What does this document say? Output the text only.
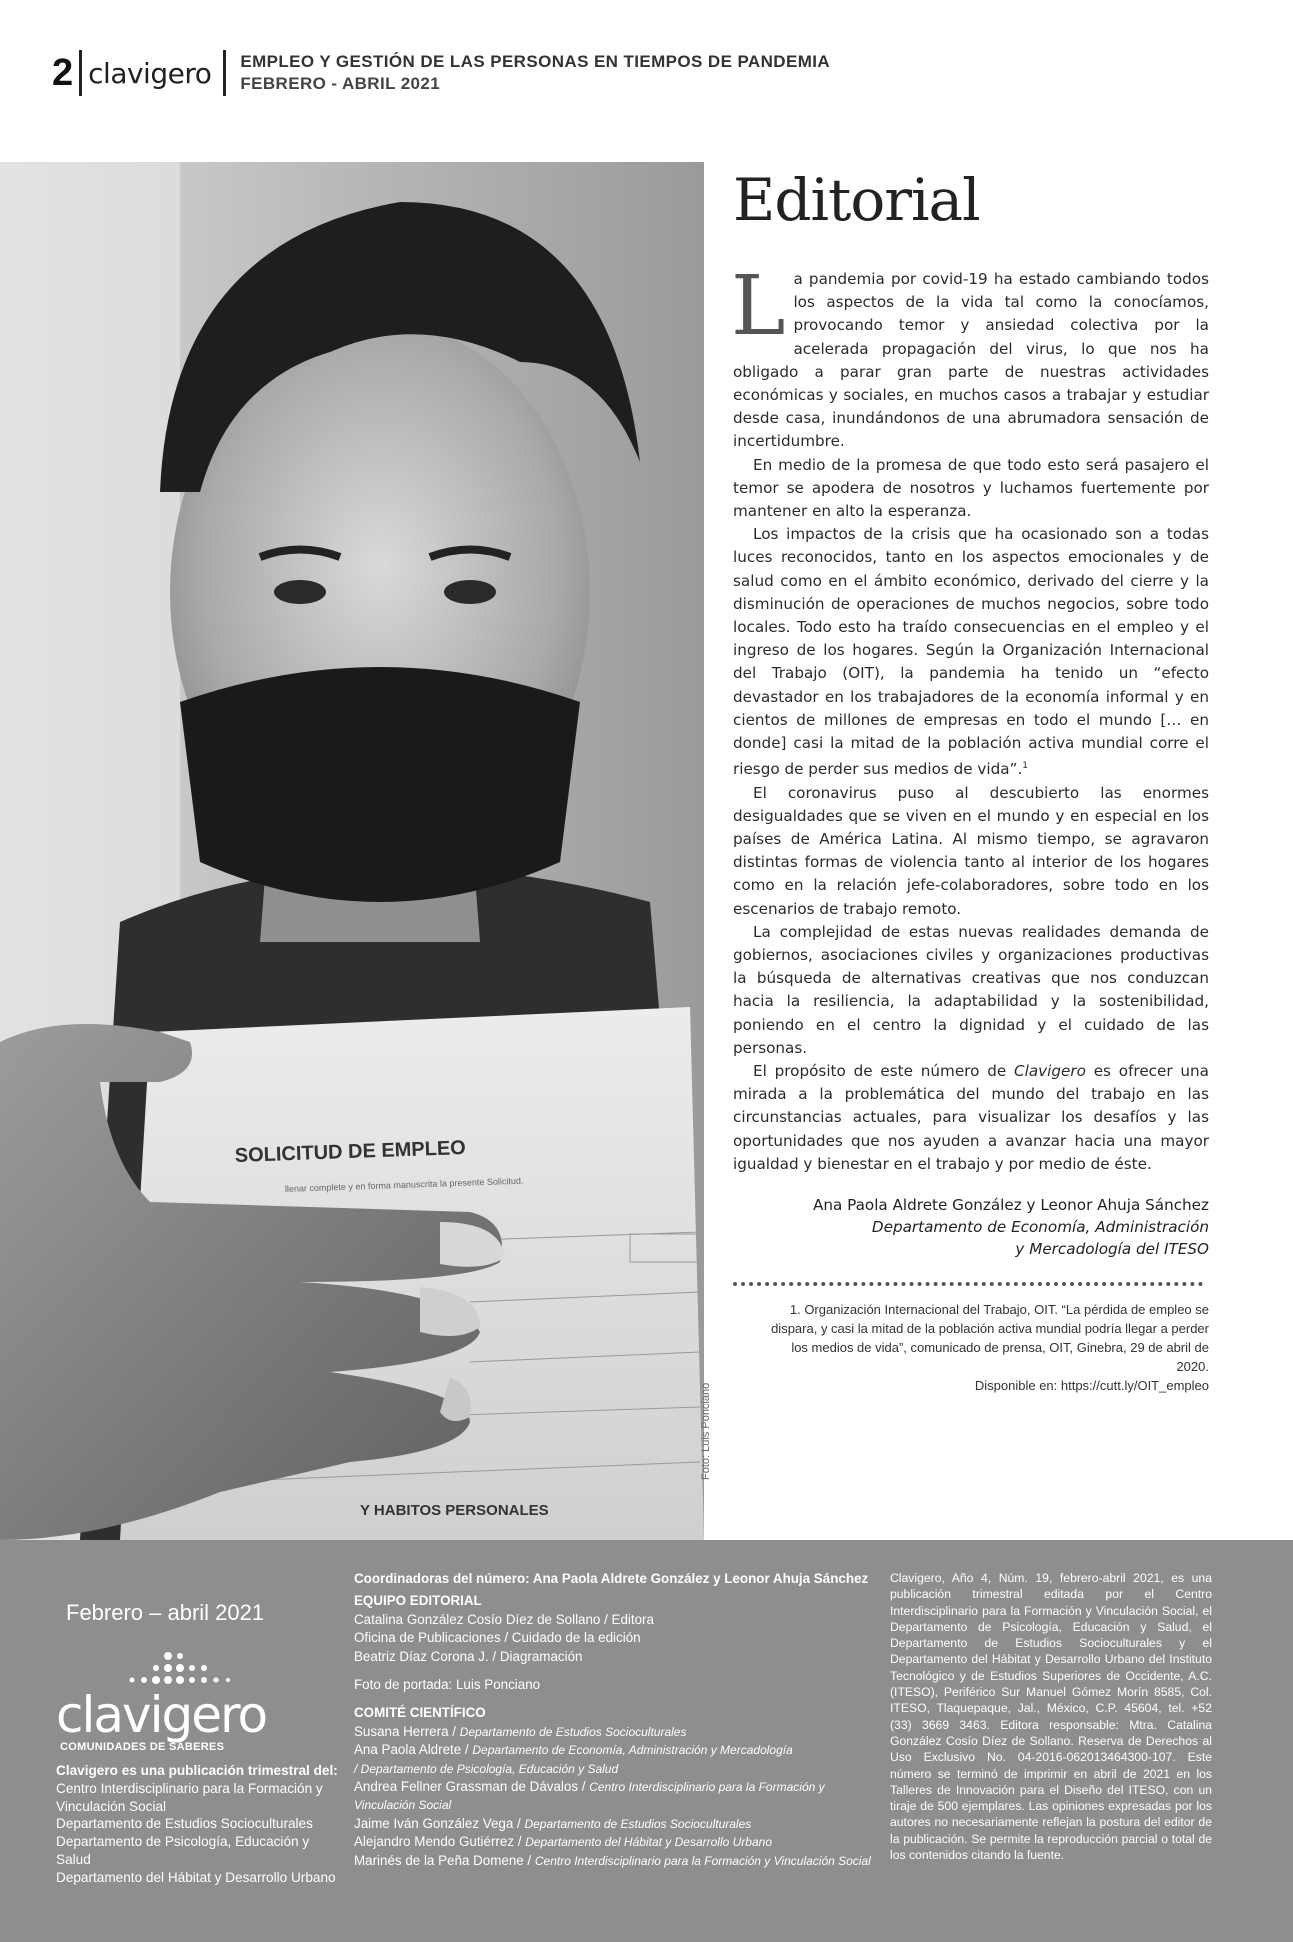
2 clavigero EMPLEO Y GESTIÓN DE LAS PERSONAS EN TIEMPOS DE PANDEMIA
FEBRERO - ABRIL 2021
SOLICITUD DE EMPLEO
llenar complete y en forma manuscrita la presente Solicitud.
Y HABITOS PERSONALES
Foto: Luis Ponciano
Editorial

La pandemia por covid-19 ha estado cambiando todos los aspectos de la vida tal como la conocíamos, provocando temor y ansiedad colectiva por la acelerada propagación del virus, lo que nos ha obligado a parar gran parte de nuestras actividades económicas y sociales, en muchos casos a trabajar y estudiar desde casa, inundándonos de una abrumadora sensación de incertidumbre.

En medio de la promesa de que todo esto será pasajero el temor se apodera de nosotros y luchamos fuertemente por mantener en alto la esperanza.

Los impactos de la crisis que ha ocasionado son a todas luces reconocidos, tanto en los aspectos emocionales y de salud como en el ámbito económico, derivado del cierre y la disminución de operaciones de muchos negocios, sobre todo locales. Todo esto ha traído consecuencias en el empleo y el ingreso de los hogares. Según la Organización Internacional del Trabajo (OIT), la pandemia ha tenido un “efecto devastador en los trabajadores de la economía informal y en cientos de millones de empresas en todo el mundo [… en donde] casi la mitad de la población activa mundial corre el riesgo de perder sus medios de vida”.$^1$

El coronavirus puso al descubierto las enormes desigualdades que se viven en el mundo y en especial en los países de América Latina. Al mismo tiempo, se agravaron distintas formas de violencia tanto al interior de los hogares como en la relación jefe-colaboradores, sobre todo en los escenarios de trabajo remoto.

La complejidad de estas nuevas realidades demanda de gobiernos, asociaciones civiles y organizaciones productivas la búsqueda de alternativas creativas que nos conduzcan hacia la resiliencia, la adaptabilidad y la sostenibilidad, poniendo en el centro la dignidad y el cuidado de las personas.

El propósito de este número de Clavigero es ofrecer una mirada a la problemática del mundo del trabajo en las circunstancias actuales, para visualizar los desafíos y las oportunidades que nos ayuden a avanzar hacia una mayor igualdad y bienestar en el trabajo y por medio de éste.

Ana Paola Aldrete González y Leonor Ahuja Sánchez
Departamento de Economía, Administración
y Mercadología del ITESO
1. Organización Internacional del Trabajo, OIT. “La pérdida de empleo se dispara, y casi la mitad de la población activa mundial podría llegar a perder los medios de vida”, comunicado de prensa, OIT, Ginebra, 29 de abril de 2020.
Disponible en: https://cutt.ly/OIT_empleo
Febrero – abril 2021
clavigero
COMUNIDADES DE SABERES
Clavigero es una publicación trimestral del:
Centro Interdisciplinario para la Formación y Vinculación Social
Departamento de Estudios Socioculturales
Departamento de Psicología, Educación y Salud
Departamento del Hábitat y Desarrollo Urbano
Coordinadoras del número: Ana Paola Aldrete González y Leonor Ahuja Sánchez
EQUIPO EDITORIAL
Catalina González Cosío Díez de Sollano / Editora
Oficina de Publicaciones / Cuidado de la edición
Beatriz Díaz Corona J. / Diagramación
Foto de portada: Luis Ponciano
COMITÉ CIENTÍFICO
Susana Herrera / Departamento de Estudios Socioculturales
Ana Paola Aldrete / Departamento de Economía, Administración y Mercadología
/ Departamento de Psicología, Educación y Salud
Andrea Fellner Grassman de Dávalos / Centro Interdisciplinario para la Formación y Vinculación Social
Jaime Iván González Vega / Departamento de Estudios Socioculturales
Alejandro Mendo Gutiérrez / Departamento del Hábitat y Desarrollo Urbano
Marinés de la Peña Domene / Centro Interdisciplinario para la Formación y Vinculación Social
Clavigero, Año 4, Núm. 19, febrero-abril 2021, es una publicación trimestral editada por el Centro Interdisciplinario para la Formación y Vinculación Social, el Departamento de Psicología, Educación y Salud, el Departamento de Estudios Socioculturales y el Departamento del Hábitat y Desarrollo Urbano del Instituto Tecnológico y de Estudios Superiores de Occidente, A.C. (ITESO), Periférico Sur Manuel Gómez Morín 8585, Col. ITESO, Tlaquepaque, Jal., México, C.P. 45604, tel. +52 (33) 3669 3463. Editora responsable: Mtra. Catalina González Cosío Díez de Sollano. Reserva de Derechos al Uso Exclusivo No. 04-2016-062013464300-107. Este número se terminó de imprimir en abril de 2021 en los Talleres de Innovación para el Diseño del ITESO, con un tiraje de 500 ejemplares. Las opiniones expresadas por los autores no necesariamente reflejan la postura del editor de la publicación. Se permite la reproducción parcial o total de los contenidos citando la fuente.
